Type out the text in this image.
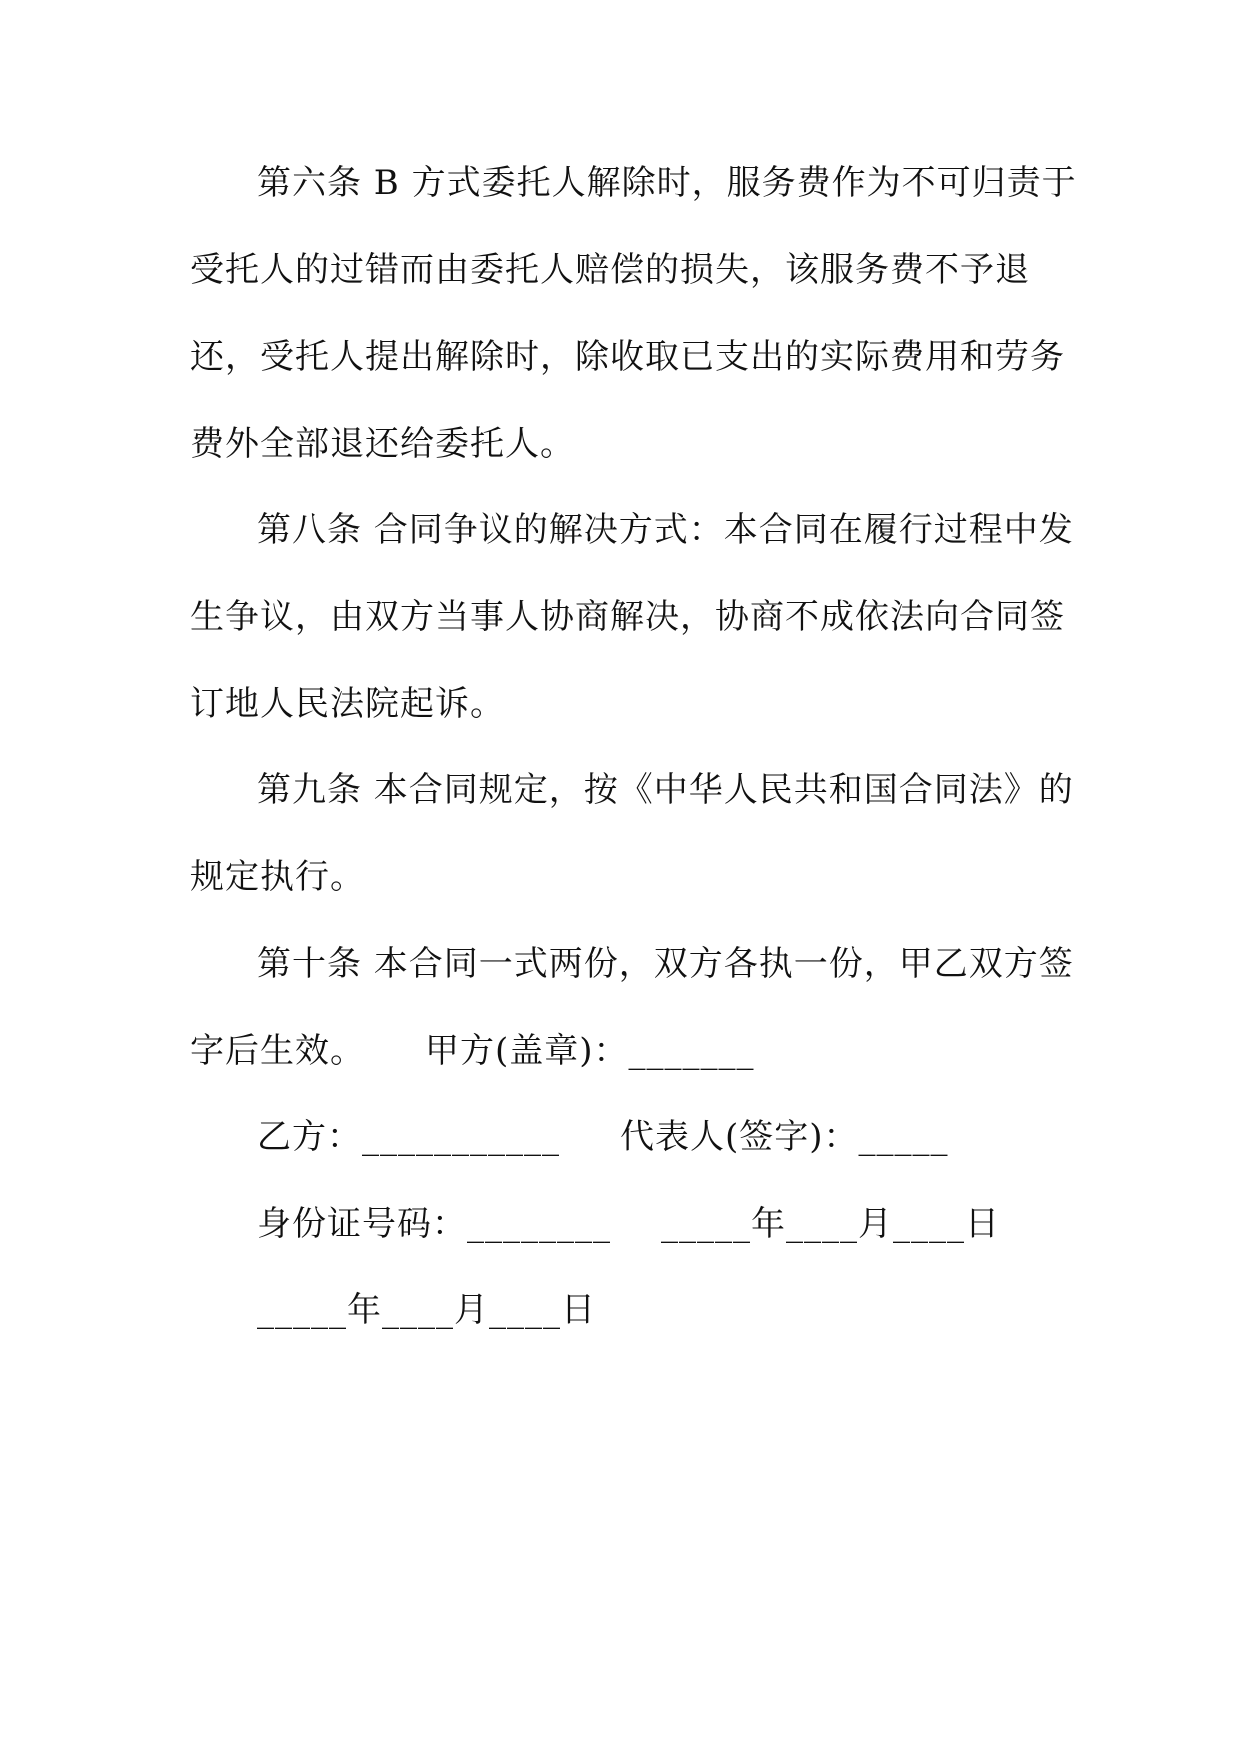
第六条 B 方式委托人解除时，服务费作为不可归责于
受托人的过错而由委托人赔偿的损失，该服务费不予退
还，受托人提出解除时，除收取已支出的实际费用和劳务
费外全部退还给委托人。
第八条 合同争议的解决方式：本合同在履行过程中发
生争议，由双方当事人协商解决，协商不成依法向合同签
订地人民法院起诉。
第九条 本合同规定，按《中华人民共和国合同法》的
规定执行。
第十条 本合同一式两份，双方各执一份，甲乙双方签
字后生效。 甲方(盖章)：_______
乙方：___________ 代表人(签字)：_____
身份证号码：________ _____年____月____日
_____年____月____日
